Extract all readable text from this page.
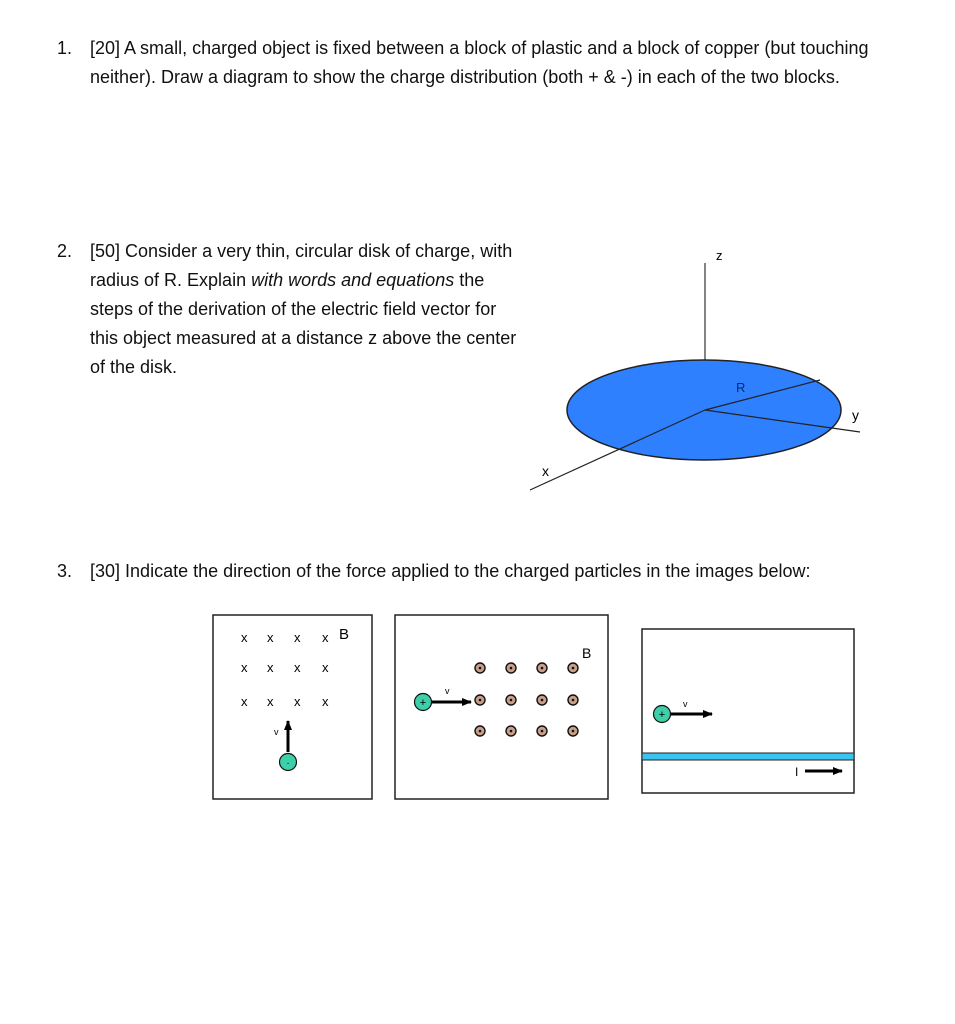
1. [20] A small, charged object is fixed between a block of plastic and a block of copper (but touching neither). Draw a diagram to show the charge distribution (both + & -) in each of the two blocks.
2. [50] Consider a very thin, circular disk of charge, with radius of R. Explain with words and equations the steps of the derivation of the electric field vector for this object measured at a distance z above the center of the disk.
3. [30] Indicate the direction of the force applied to the charged particles in the images below:
z
R
y
x
x x x x
x x x x
x x x x
B
v
·
B
v
+	v
+
I
